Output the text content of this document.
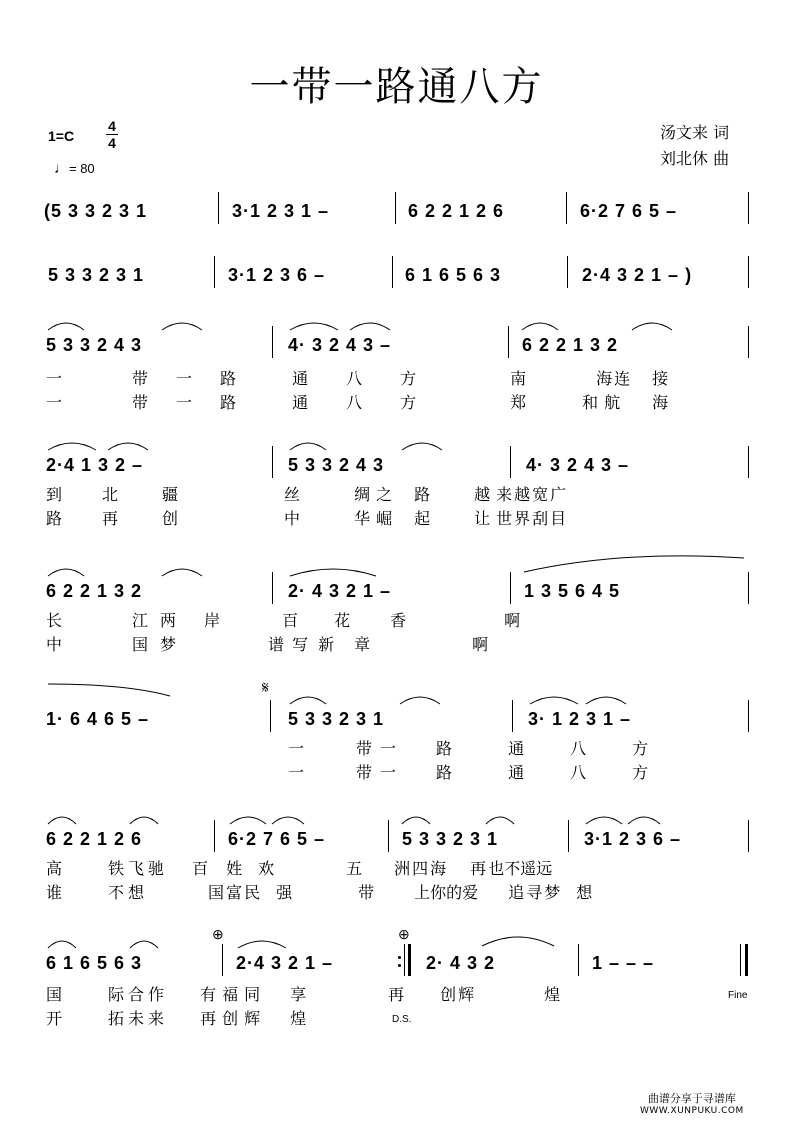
一带一路通八方
1=C
4
4
♩= 80
汤文来 词
刘北休 曲
(5 3 3 2 3 1	3·1 2 3 1 –	6 2 2 1 2 6	6·2 7 6 5 –
5 3 3 2 3 1	3·1 2 3 6 –	6 1 6 5 6 3	2·4 3 2 1 – )
5 3 3 2 4 3	4· 3 2 4 3 –	6 2 2 1 3 2
一	带 一 路	通 八 方	南	海 连 接
一	带 一 路	通 八 方	郑	和 航 海
2·4 1 3 2 –	5 3 3 2 4 3	4· 3 2 4 3 –
到	北	疆	丝	绸 之 路	越 来 越 宽 广
路	再	创	中	华 崛 起	让 世 界 刮 目
6 2 2 1 3 2	2· 4 3 2 1 –	1 3 5 6 4 5
长	江 两 岸	百 花	香	啊
中	国 梦	谱 写 新 章	啊
𝄋
1· 6 4 6 5 –	5 3 3 2 3 1	3· 1 2 3 1 –
一	带 一	路	通	八	方
一	带 一	路	通	八	方
6 2 2 1 2 6	6·2 7 6 5 –	5 3 3 2 3 1	3·1 2 3 6 –
高	铁 飞 驰 百 姓 欢	五 洲 四 海 再 也不遥远
谁	不 想	国 富 民 强	带	上你的爱 追 寻 梦 想
⊕	⊕
6 1 6 5 6 3	2·4 3 2 1 –	2· 4 3 2	1 – – –
国	际 合 作 有 福 同 享	再 创 辉	煌
开	拓 未 来 再 创 辉 煌
Fine
D.S.
曲谱分享于寻谱库
WWW.XUNPUKU.COM
